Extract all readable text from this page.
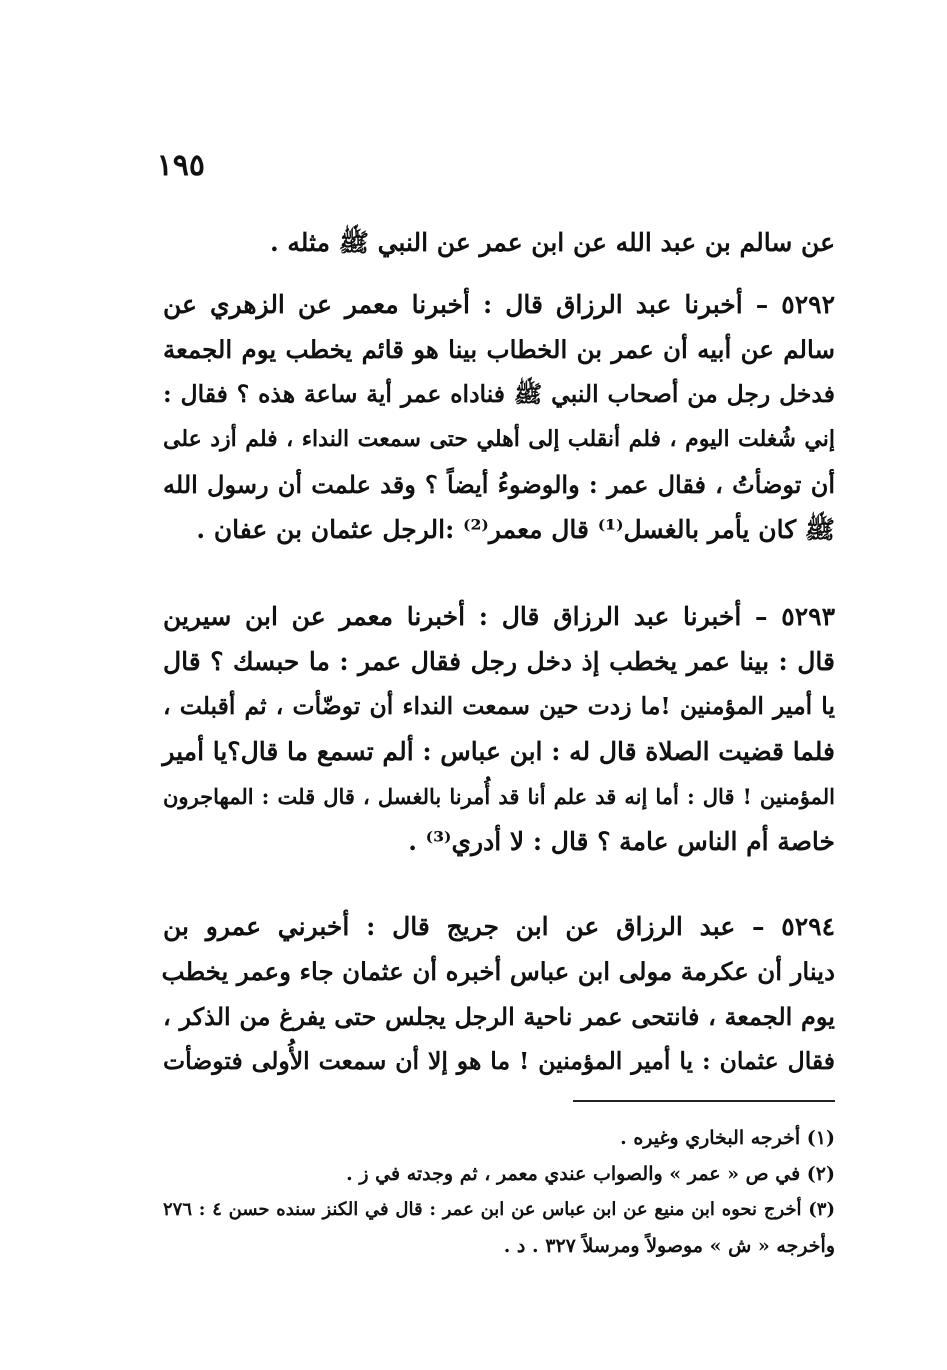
١٩٥
عن سالم بن عبد الله عن ابن عمر عن النبي ﷺ مثله .
٥٢٩٢ – أخبرنا عبد الرزاق قال : أخبرنا معمر عن الزهري عن
سالم عن أبيه أن عمر بن الخطاب بينا هو قائم يخطب يوم الجمعة
فدخل رجل من أصحاب النبي ﷺ فناداه عمر أية ساعة هذه ؟ فقال :
إني شُغلت اليوم ، فلم أنقلب إلى أهلي حتى سمعت النداء ، فلم أزد على
أن توضأتُ ، فقال عمر : والوضوءُ أيضاً ؟ وقد علمت أن رسول الله
ﷺ كان يأمر بالغسل⁽¹⁾ قال معمر⁽²⁾ :الرجل عثمان بن عفان .
٥٢٩٣ – أخبرنا عبد الرزاق قال : أخبرنا معمر عن ابن سيرين
قال : بينا عمر يخطب إذ دخل رجل فقال عمر : ما حبسك ؟ قال
يا أمير المؤمنين !ما زدت حين سمعت النداء أن توضّأت ، ثم أقبلت ،
فلما قضيت الصلاة قال له : ابن عباس : ألم تسمع ما قال؟يا أمير
المؤمنين ! قال : أما إنه قد علم أنا قد أُمرنا بالغسل ، قال قلت : المهاجرون
خاصة أم الناس عامة ؟ قال : لا أدري⁽³⁾ .
٥٢٩٤ – عبد الرزاق عن ابن جريج قال : أخبرني عمرو بن
دينار أن عكرمة مولى ابن عباس أخبره أن عثمان جاء وعمر يخطب
يوم الجمعة ، فانتحى عمر ناحية الرجل يجلس حتى يفرغ من الذكر ،
فقال عثمان : يا أمير المؤمنين ! ما هو إلا أن سمعت الأُولى فتوضأت
(١) أخرجه البخاري وغيره .
(٢) في ص « عمر » والصواب عندي معمر ، ثم وجدته في ز .
(٣) أخرج نحوه ابن منيع عن ابن عباس عن ابن عمر : قال في الكنز سنده حسن ٤ : ٢٧٦
وأخرجه « ش » موصولاً ومرسلاً ٣٢٧ . د .
